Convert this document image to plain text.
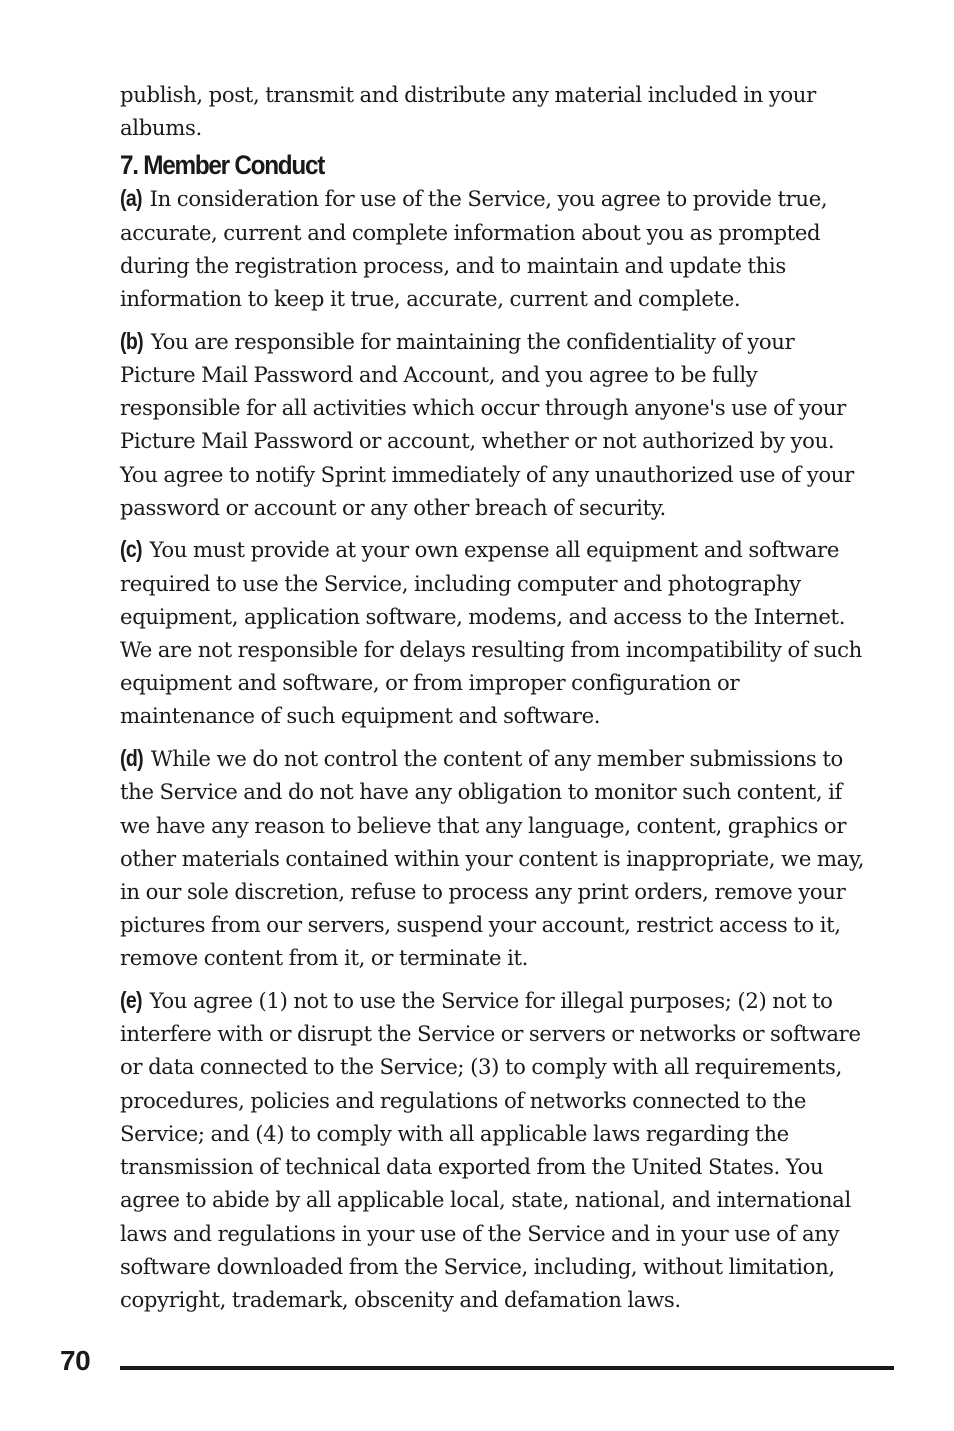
publish, post, transmit and distribute any material included in your albums.

7. Member Conduct

(a) In consideration for use of the Service, you agree to provide true, accurate, current and complete information about you as prompted during the registration process, and to maintain and update this information to keep it true, accurate, current and complete.

(b) You are responsible for maintaining the confidentiality of your Picture Mail Password and Account, and you agree to be fully responsible for all activities which occur through anyone's use of your Picture Mail Password or account, whether or not authorized by you. You agree to notify Sprint immediately of any unauthorized use of your password or account or any other breach of security.

(c) You must provide at your own expense all equipment and software required to use the Service, including computer and photography equipment, application software, modems, and access to the Internet. We are not responsible for delays resulting from incompatibility of such equipment and software, or from improper configuration or maintenance of such equipment and software.

(d) While we do not control the content of any member submissions to the Service and do not have any obligation to monitor such content, if we have any reason to believe that any language, content, graphics or other materials contained within your content is inappropriate, we may, in our sole discretion, refuse to process any print orders, remove your pictures from our servers, suspend your account, restrict access to it, remove content from it, or terminate it.

(e) You agree (1) not to use the Service for illegal purposes; (2) not to interfere with or disrupt the Service or servers or networks or software or data connected to the Service; (3) to comply with all requirements, procedures, policies and regulations of networks connected to the Service; and (4) to comply with all applicable laws regarding the transmission of technical data exported from the United States. You agree to abide by all applicable local, state, national, and international laws and regulations in your use of the Service and in your use of any software downloaded from the Service, including, without limitation, copyright, trademark, obscenity and defamation laws.

70
